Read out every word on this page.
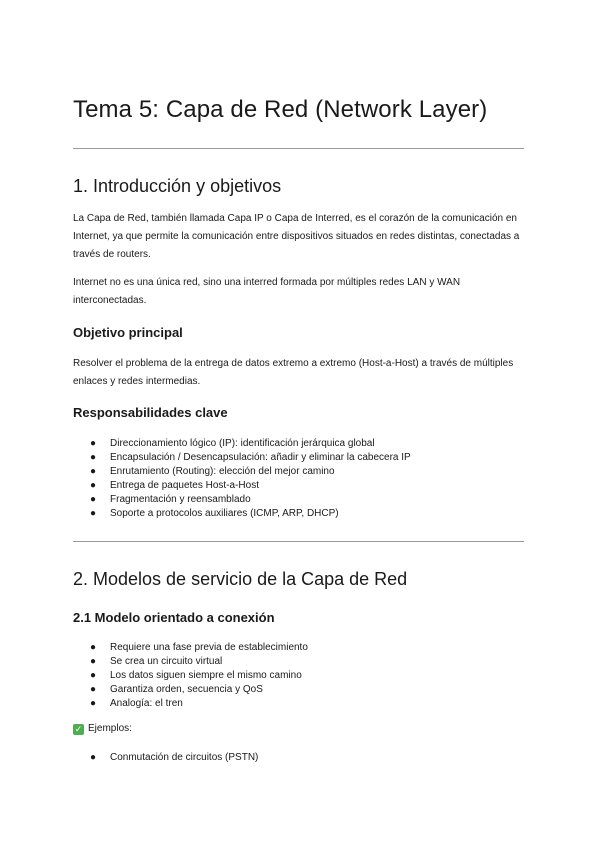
Tema 5: Capa de Red (Network Layer)
1. Introducción y objetivos

La Capa de Red, también llamada Capa IP o Capa de Interred, es el corazón de la comunicación en Internet, ya que permite la comunicación entre dispositivos situados en redes distintas, conectadas a través de routers.

Internet no es una única red, sino una interred formada por múltiples redes LAN y WAN interconectadas.

Objetivo principal

Resolver el problema de la entrega de datos extremo a extremo (Host-a-Host) a través de múltiples enlaces y redes intermedias.

Responsabilidades clave
● Direccionamiento lógico (IP): identificación jerárquica global
● Encapsulación / Desencapsulación: añadir y eliminar la cabecera IP
● Enrutamiento (Routing): elección del mejor camino
● Entrega de paquetes Host-a-Host
● Fragmentación y reensamblado
● Soporte a protocolos auxiliares (ICMP, ARP, DHCP)
2. Modelos de servicio de la Capa de Red
2.1 Modelo orientado a conexión
● Requiere una fase previa de establecimiento
● Se crea un circuito virtual
● Los datos siguen siempre el mismo camino
● Garantiza orden, secuencia y QoS
● Analogía: el tren
✓ Ejemplos:
● Conmutación de circuitos (PSTN)
